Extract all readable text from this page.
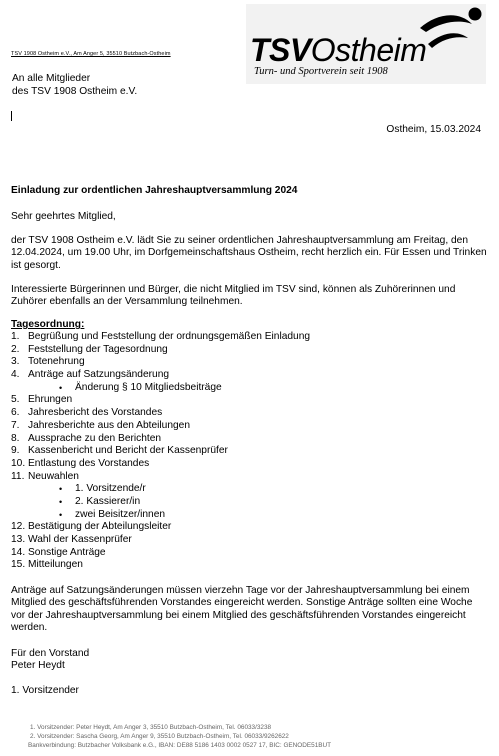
TSV 1908 Ostheim e.V., Am Anger 5, 35510 Butzbach-Ostheim
An alle Mitglieder
des TSV 1908 Ostheim e.V.
TSVOstheim
Turn- und Sportverein seit 1908
Ostheim, 15.03.2024
Einladung zur ordentlichen Jahreshauptversammlung 2024
Sehr geehrtes Mitglied,
der TSV 1908 Ostheim e.V. lädt Sie zu seiner ordentlichen Jahreshauptversammlung am Freitag, den 12.04.2024, um 19.00 Uhr, im Dorfgemeinschaftshaus Ostheim, recht herzlich ein. Für Essen und Trinken ist gesorgt.
Interessierte Bürgerinnen und Bürger, die nicht Mitglied im TSV sind, können als Zuhörerinnen und Zuhörer ebenfalls an der Versammlung teilnehmen.
Tagesordnung:
1. Begrüßung und Feststellung der ordnungsgemäßen Einladung
2. Feststellung der Tagesordnung
3. Totenehrung
4. Anträge auf Satzungsänderung
• Änderung § 10 Mitgliedsbeiträge
5. Ehrungen
6. Jahresbericht des Vorstandes
7. Jahresberichte aus den Abteilungen
8. Aussprache zu den Berichten
9. Kassenbericht und Bericht der Kassenprüfer
10. Entlastung des Vorstandes
11. Neuwahlen
• 1. Vorsitzende/r
• 2. Kassierer/in
• zwei Beisitzer/innen
12. Bestätigung der Abteilungsleiter
13. Wahl der Kassenprüfer
14. Sonstige Anträge
15. Mitteilungen
Anträge auf Satzungsänderungen müssen vierzehn Tage vor der Jahreshauptversammlung bei einem Mitglied des geschäftsführenden Vorstandes eingereicht werden. Sonstige Anträge sollten eine Woche vor der Jahreshauptversammlung bei einem Mitglied des geschäftsführenden Vorstandes eingereicht werden.
Für den Vorstand
Peter Heydt
1. Vorsitzender
1. Vorsitzender: Peter Heydt, Am Anger 3, 35510 Butzbach-Ostheim, Tel. 06033/3238
2. Vorsitzender: Sascha Georg, Am Anger 9, 35510 Butzbach-Ostheim, Tel. 06033/9262622
Bankverbindung: Butzbacher Volksbank e.G., IBAN: DE88 5186 1403 0002 0527 17, BIC: GENODE51BUT
